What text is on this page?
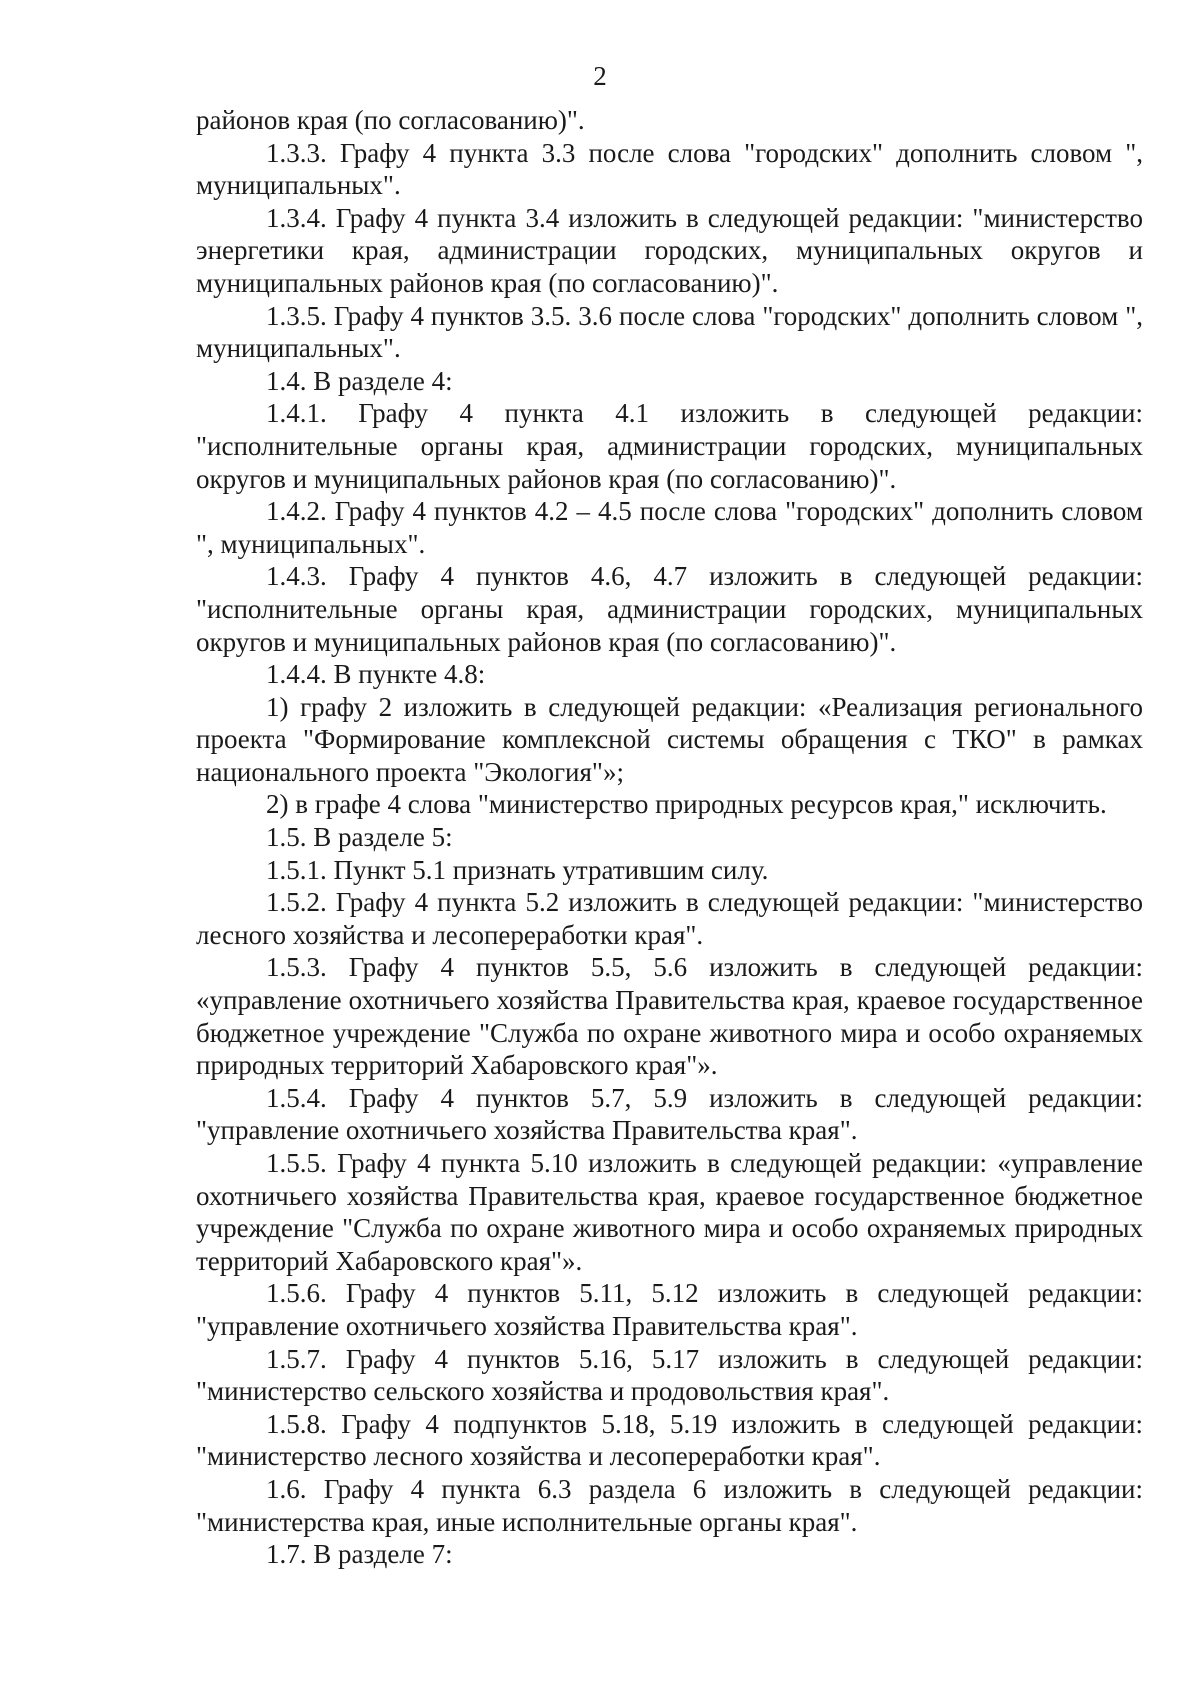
2

районов края (по согласованию)".

1.3.3. Графу 4 пункта 3.3 после слова "городских" дополнить словом ", муниципальных".

1.3.4. Графу 4 пункта 3.4 изложить в следующей редакции: "министерство энергетики края, администрации городских, муниципальных округов и муниципальных районов края (по согласованию)".

1.3.5. Графу 4 пунктов 3.5. 3.6 после слова "городских" дополнить словом ", муниципальных".

1.4. В разделе 4:

1.4.1. Графу 4 пункта 4.1 изложить в следующей редакции: "исполнительные органы края, администрации городских, муниципальных округов и муниципальных районов края (по согласованию)".

1.4.2. Графу 4 пунктов 4.2 – 4.5 после слова "городских" дополнить словом ", муниципальных".

1.4.3. Графу 4 пунктов 4.6, 4.7 изложить в следующей редакции: "исполнительные органы края, администрации городских, муниципальных округов и муниципальных районов края (по согласованию)".

1.4.4. В пункте 4.8:

1) графу 2 изложить в следующей редакции: «Реализация регионального проекта "Формирование комплексной системы обращения с ТКО" в рамках национального проекта "Экология"»;

2) в графе 4 слова "министерство природных ресурсов края," исключить.

1.5. В разделе 5:

1.5.1. Пункт 5.1 признать утратившим силу.

1.5.2. Графу 4 пункта 5.2 изложить в следующей редакции: "министерство лесного хозяйства и лесопереработки края".

1.5.3. Графу 4 пунктов 5.5, 5.6 изложить в следующей редакции: «управление охотничьего хозяйства Правительства края, краевое государственное бюджетное учреждение "Служба по охране животного мира и особо охраняемых природных территорий Хабаровского края"».

1.5.4. Графу 4 пунктов 5.7, 5.9 изложить в следующей редакции: "управление охотничьего хозяйства Правительства края".

1.5.5. Графу 4 пункта 5.10 изложить в следующей редакции: «управление охотничьего хозяйства Правительства края, краевое государственное бюджетное учреждение "Служба по охране животного мира и особо охраняемых природных территорий Хабаровского края"».

1.5.6. Графу 4 пунктов 5.11, 5.12 изложить в следующей редакции: "управление охотничьего хозяйства Правительства края".

1.5.7. Графу 4 пунктов 5.16, 5.17 изложить в следующей редакции: "министерство сельского хозяйства и продовольствия края".

1.5.8. Графу 4 подпунктов 5.18, 5.19 изложить в следующей редакции: "министерство лесного хозяйства и лесопереработки края".

1.6. Графу 4 пункта 6.3 раздела 6 изложить в следующей редакции: "министерства края, иные исполнительные органы края".

1.7. В разделе 7:
